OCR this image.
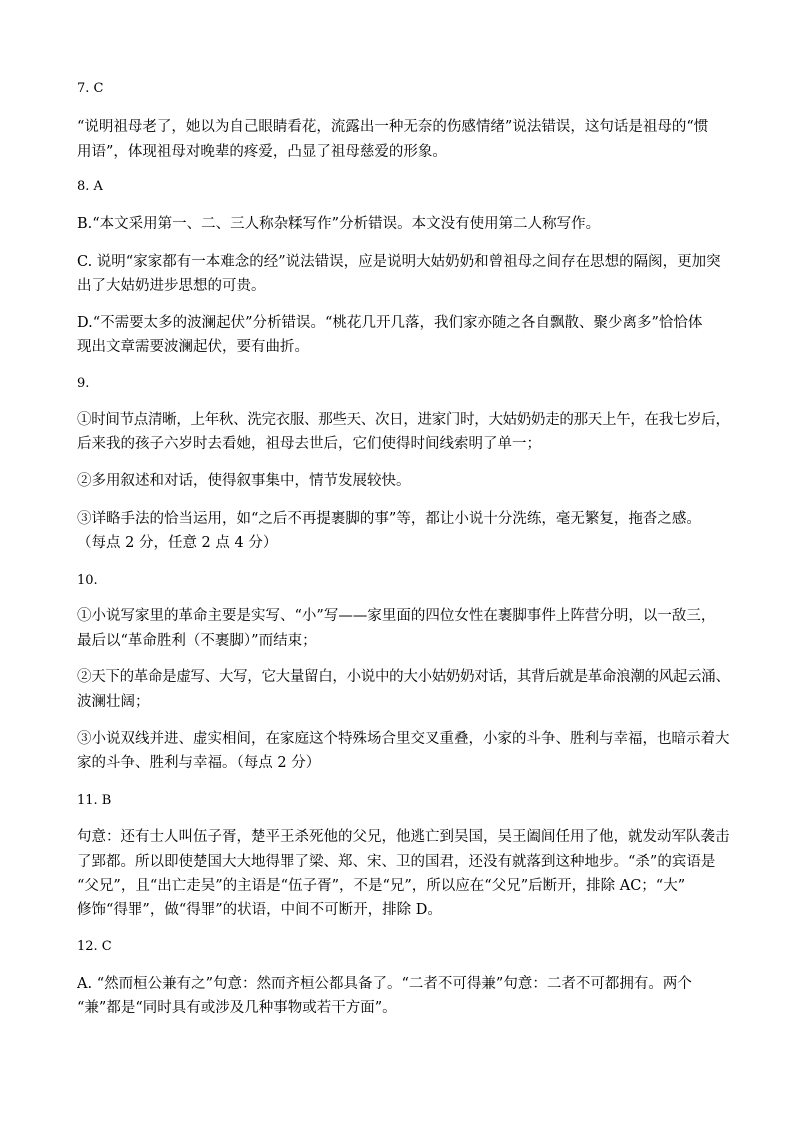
7. C
“说明祖母老了，她以为自己眼睛看花，流露出一种无奈的伤感情绪”说法错误，这句话是祖母的“惯
用语”，体现祖母对晚辈的疼爱，凸显了祖母慈爱的形象。
8. A
B.“本文采用第一、二、三人称杂糅写作”分析错误。本文没有使用第二人称写作。
C. 说明“家家都有一本难念的经”说法错误，应是说明大姑奶奶和曾祖母之间存在思想的隔阂，更加突
出了大姑奶进步思想的可贵。
D.“不需要太多的波澜起伏”分析错误。“桃花几开几落，我们家亦随之各自飘散、聚少离多”恰恰体
现出文章需要波澜起伏，要有曲折。
9.
①时间节点清晰，上年秋、洗完衣服、那些天、次日，进家门时，大姑奶奶走的那天上午，在我七岁后，
后来我的孩子六岁时去看她，祖母去世后，它们使得时间线索明了单一；
②多用叙述和对话，使得叙事集中，情节发展较快。
③详略手法的恰当运用，如“之后不再提裹脚的事”等，都让小说十分洗练，毫无繁复，拖沓之感。
（每点 2 分，任意 2 点 4 分）
10.
①小说写家里的革命主要是实写、“小”写——家里面的四位女性在裹脚事件上阵营分明，以一敌三，
最后以“革命胜利（不裹脚）”而结束；
②天下的革命是虚写、大写，它大量留白，小说中的大小姑奶奶对话，其背后就是革命浪潮的风起云涌、
波澜壮阔；
③小说双线并进、虚实相间，在家庭这个特殊场合里交叉重叠，小家的斗争、胜利与幸福，也暗示着大
家的斗争、胜利与幸福。（每点 2 分）
11. B
句意：还有士人叫伍子胥，楚平王杀死他的父兄，他逃亡到吴国，吴王阖闾任用了他，就发动军队袭击
了郢都。所以即使楚国大大地得罪了梁、郑、宋、卫的国君，还没有就落到这种地步。“杀”的宾语是
“父兄”，且“出亡走吴”的主语是“伍子胥”，不是“兄”，所以应在“父兄”后断开，排除 AC；“大”
修饰“得罪”，做“得罪”的状语，中间不可断开，排除 D。
12. C
A. “然而桓公兼有之”句意：然而齐桓公都具备了。“二者不可得兼”句意：二者不可都拥有。两个
“兼”都是“同时具有或涉及几种事物或若干方面”。
